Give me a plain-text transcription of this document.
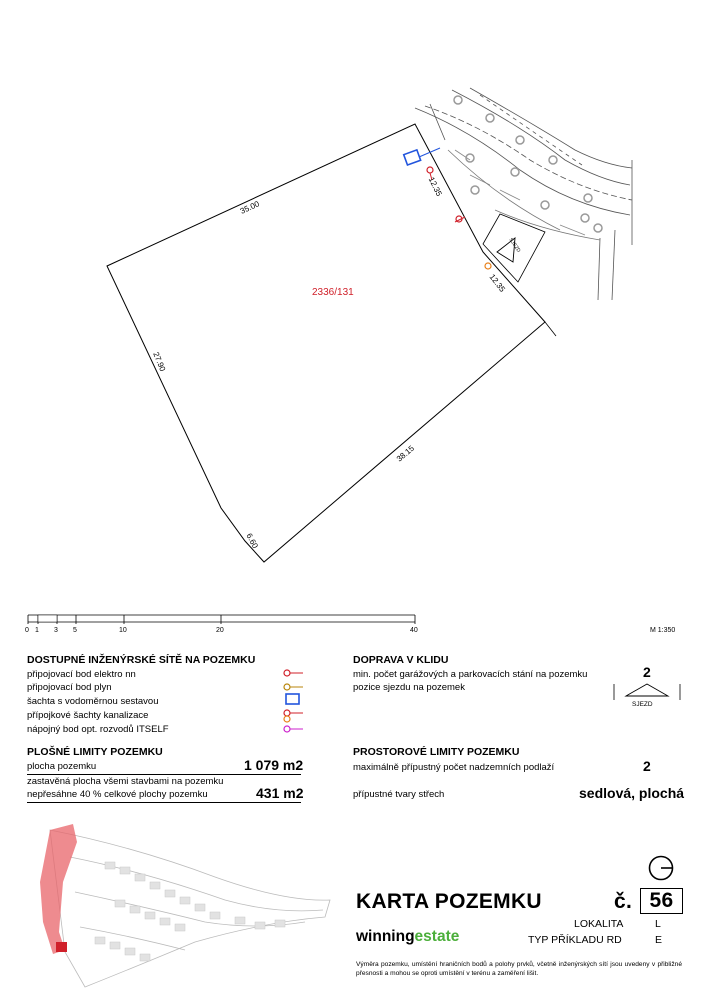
2336/131
35.00
27.90
38.15
6.60
12.35
12.35
SJEZD
0 1 3 5	10	20	40	M 1:350
DOSTUPNÉ INŽENÝRSKÉ SÍTĚ NA POZEMKU
připojovací bod elektro nn
připojovací bod plyn
šachta s vodoměrnou sestavou
přípojkové šachty kanalizace
nápojný bod opt. rozvodů ITSELF
PLOŠNÉ LIMITY POZEMKU
plocha pozemku	1 079 m2
zastavěná plocha všemi stavbami na pozemku
nepřesáhne 40 % celkové plochy pozemku	431 m2
DOPRAVA V KLIDU
min. počet garážových a parkovacích stání na pozemku	2
pozice sjezdu na pozemek
SJEZD
PROSTOROVÉ LIMITY POZEMKU
maximálně přípustný počet nadzemních podlaží	2
přípustné tvary střech	sedlová, plochá
KARTA POZEMKU	č. 56
winningestate
LOKALITA	L
TYP PŘÍKLADU RD	E
Výměra pozemku, umístění hraničních bodů a polohy prvků, včetně inženýrských sítí jsou uvedeny v přibližné přesnosti a mohou se oproti umístění v terénu a zaměření lišit.
